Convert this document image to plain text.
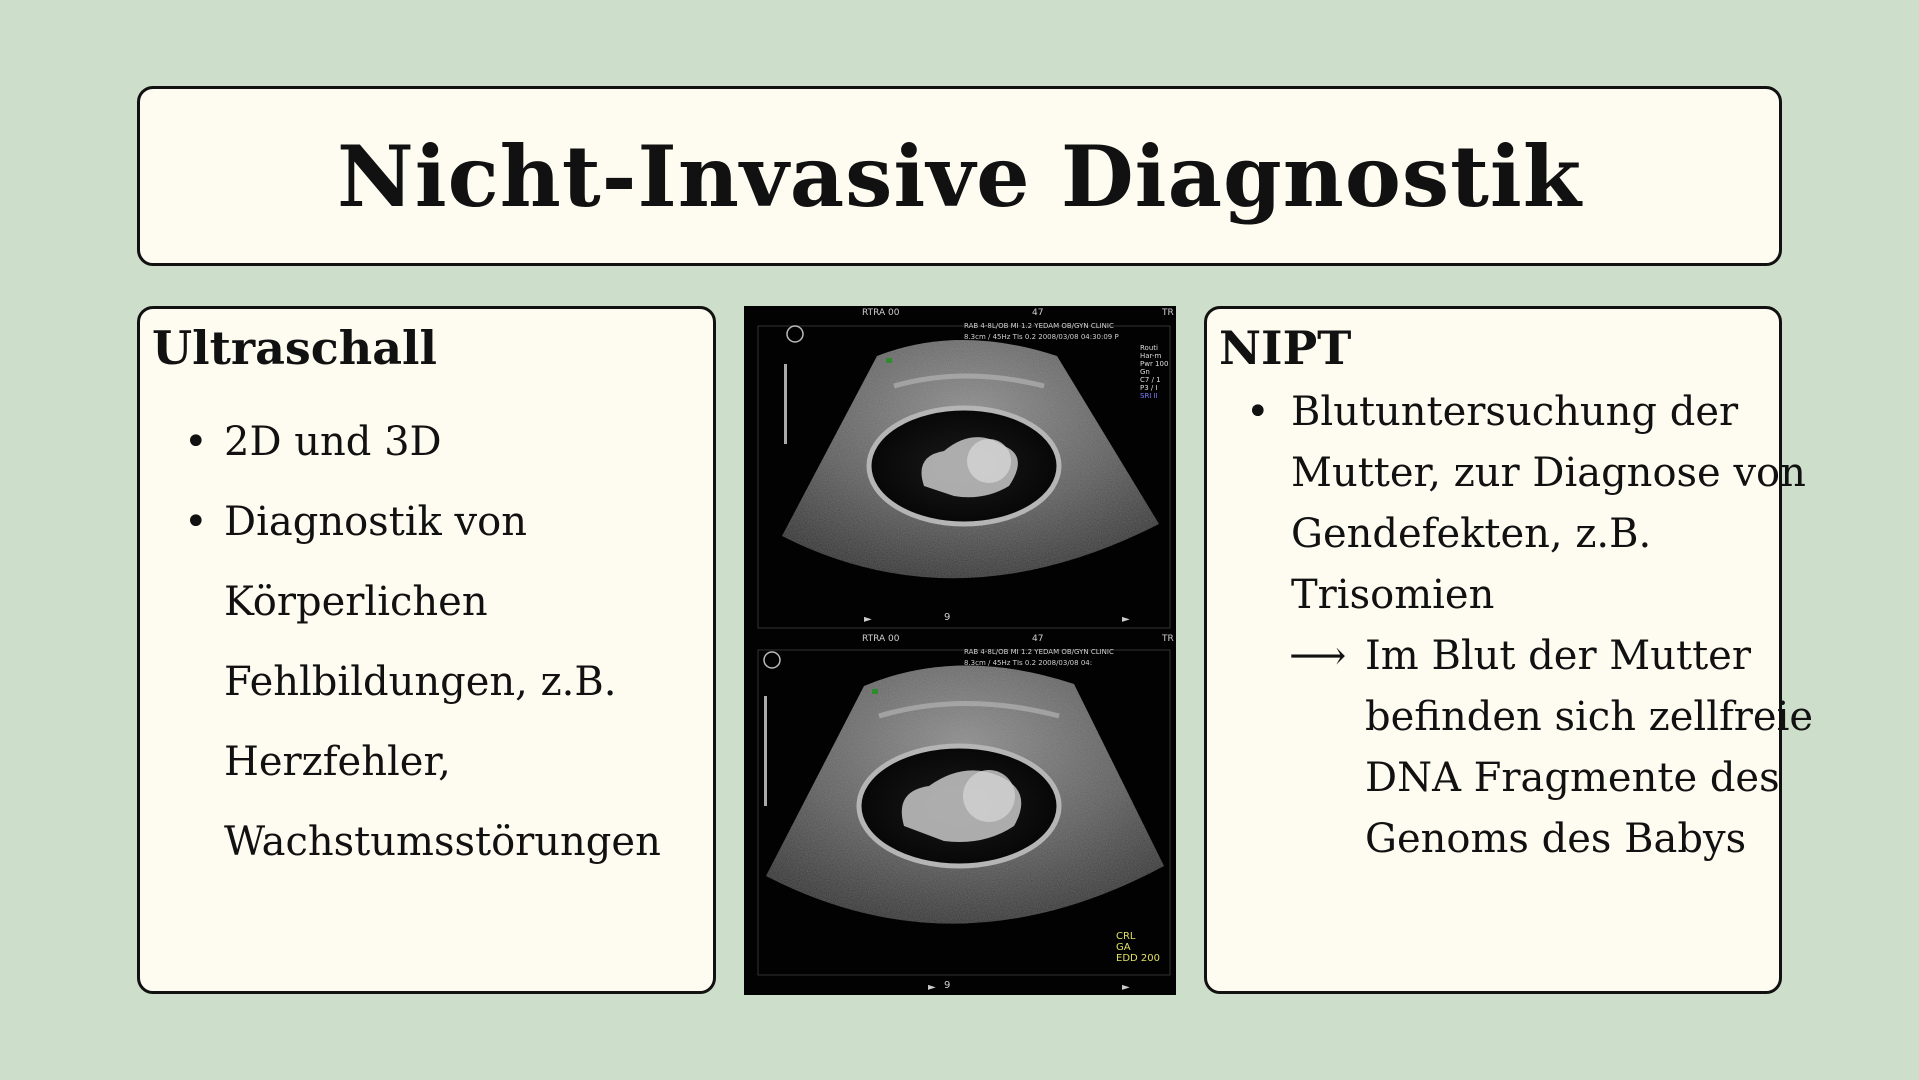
Nicht-Invasive Diagnostik
Ultraschall
• 2D und 3D
• Diagnostik von
Körperlichen
Fehlbildungen, z.B.
Herzfehler,
Wachstumsstörungen
►	►
►	►
RTRA 00	47	TR
RAB 4-8L/OB MI 1.2 YEDAM OB/GYN CLINIC
8.3cm / 45Hz TIs 0.2 2008/03/08 04:30:09 P
Routi
Har-m
Pwr 100
Gn
C7 / 1
P3 / I
SRI II
9
RTRA 00	47	TR
RAB 4-8L/OB MI 1.2 YEDAM OB/GYN CLINIC
8.3cm / 45Hz TIs 0.2 2008/03/08 04:
CRL
GA
EDD 200
9
NIPT
• Blutuntersuchung der
Mutter, zur Diagnose von
Gendefekten, z.B.
Trisomien
⟶ Im Blut der Mutter
befinden sich zellfreie
DNA Fragmente des
Genoms des Babys
